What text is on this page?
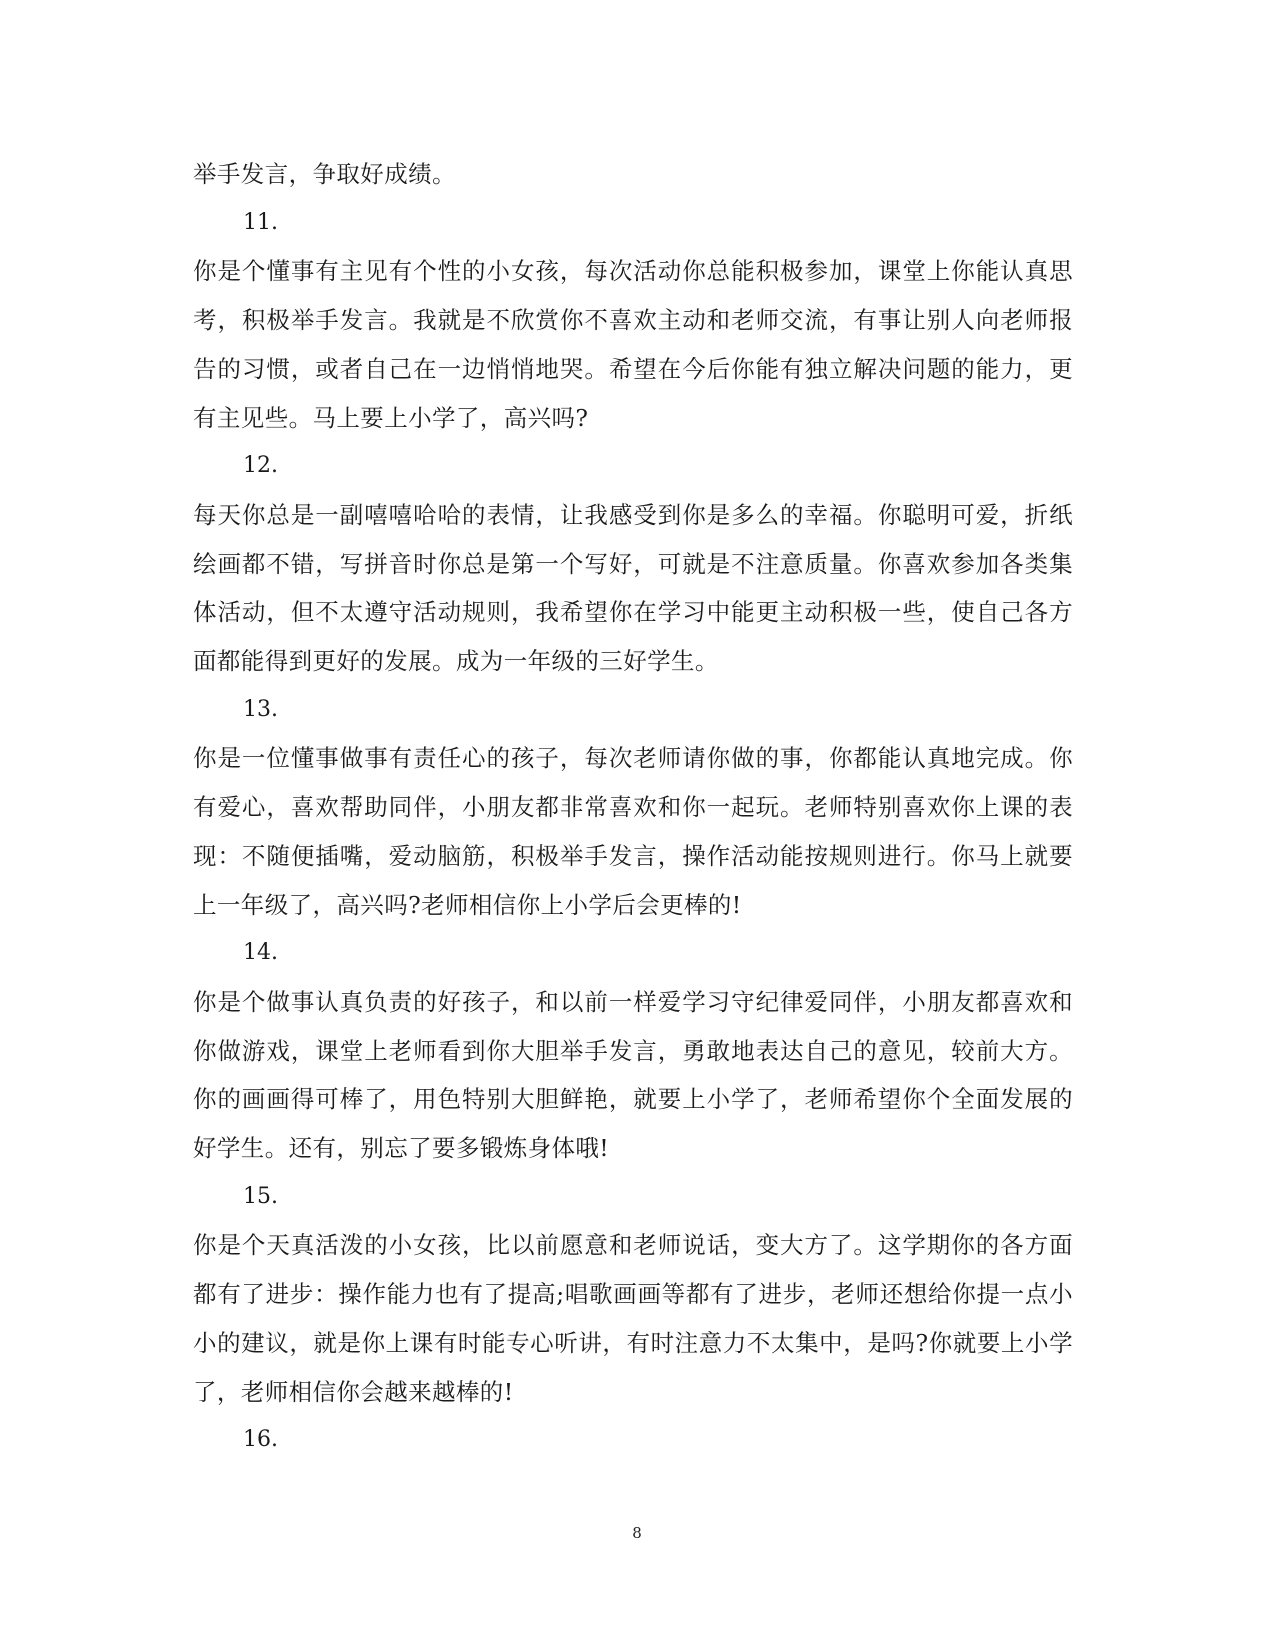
举手发言，争取好成绩。

11.

你是个懂事有主见有个性的小女孩，每次活动你总能积极参加，课堂上你能认真思考，积极举手发言。我就是不欣赏你不喜欢主动和老师交流，有事让别人向老师报告的习惯，或者自己在一边悄悄地哭。希望在今后你能有独立解决问题的能力，更有主见些。马上要上小学了，高兴吗?

12.

每天你总是一副嘻嘻哈哈的表情，让我感受到你是多么的幸福。你聪明可爱，折纸绘画都不错，写拼音时你总是第一个写好，可就是不注意质量。你喜欢参加各类集体活动，但不太遵守活动规则，我希望你在学习中能更主动积极一些，使自己各方面都能得到更好的发展。成为一年级的三好学生。

13.

你是一位懂事做事有责任心的孩子，每次老师请你做的事，你都能认真地完成。你有爱心，喜欢帮助同伴，小朋友都非常喜欢和你一起玩。老师特别喜欢你上课的表现：不随便插嘴，爱动脑筋，积极举手发言，操作活动能按规则进行。你马上就要上一年级了，高兴吗?老师相信你上小学后会更棒的!

14.

你是个做事认真负责的好孩子，和以前一样爱学习守纪律爱同伴，小朋友都喜欢和你做游戏，课堂上老师看到你大胆举手发言，勇敢地表达自己的意见，较前大方。你的画画得可棒了，用色特别大胆鲜艳，就要上小学了，老师希望你个全面发展的好学生。还有，别忘了要多锻炼身体哦!

15.

你是个天真活泼的小女孩，比以前愿意和老师说话，变大方了。这学期你的各方面都有了进步：操作能力也有了提高;唱歌画画等都有了进步，老师还想给你提一点小小的建议，就是你上课有时能专心听讲，有时注意力不太集中，是吗?你就要上小学了，老师相信你会越来越棒的!

16.

8
